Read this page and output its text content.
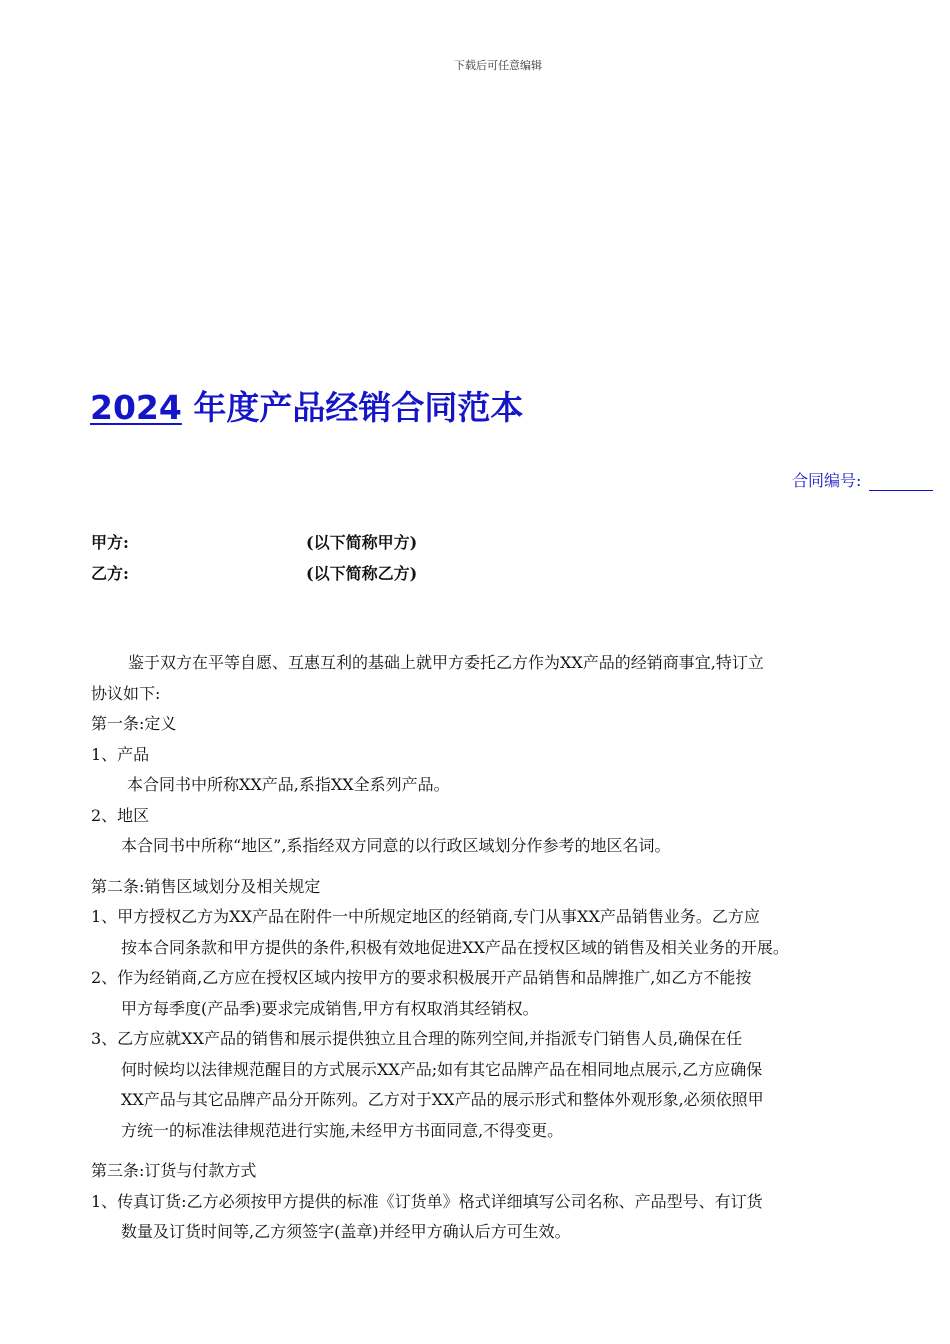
下载后可任意编辑
2024 年度产品经销合同范本
合同编号:
甲方:	(以下简称甲方)
乙方:	(以下简称乙方)
鉴于双方在平等自愿、互惠互利的基础上就甲方委托乙方作为XX产品的经销商事宜,特订立
协议如下:
第一条:定义
1、产品
本合同书中所称XX产品,系指XX全系列产品。
2、地区
本合同书中所称“地区”,系指经双方同意的以行政区域划分作参考的地区名词。
第二条:销售区域划分及相关规定
1、甲方授权乙方为XX产品在附件一中所规定地区的经销商,专门从事XX产品销售业务。乙方应
按本合同条款和甲方提供的条件,积极有效地促进XX产品在授权区域的销售及相关业务的开展。
2、作为经销商,乙方应在授权区域内按甲方的要求积极展开产品销售和品牌推广,如乙方不能按
甲方每季度(产品季)要求完成销售,甲方有权取消其经销权。
3、乙方应就XX产品的销售和展示提供独立且合理的陈列空间,并指派专门销售人员,确保在任
何时候均以法律规范醒目的方式展示XX产品;如有其它品牌产品在相同地点展示,乙方应确保
XX产品与其它品牌产品分开陈列。乙方对于XX产品的展示形式和整体外观形象,必须依照甲
方统一的标准法律规范进行实施,未经甲方书面同意,不得变更。
第三条:订货与付款方式
1、传真订货:乙方必须按甲方提供的标准《订货单》格式详细填写公司名称、产品型号、有订货
数量及订货时间等,乙方须签字(盖章)并经甲方确认后方可生效。
